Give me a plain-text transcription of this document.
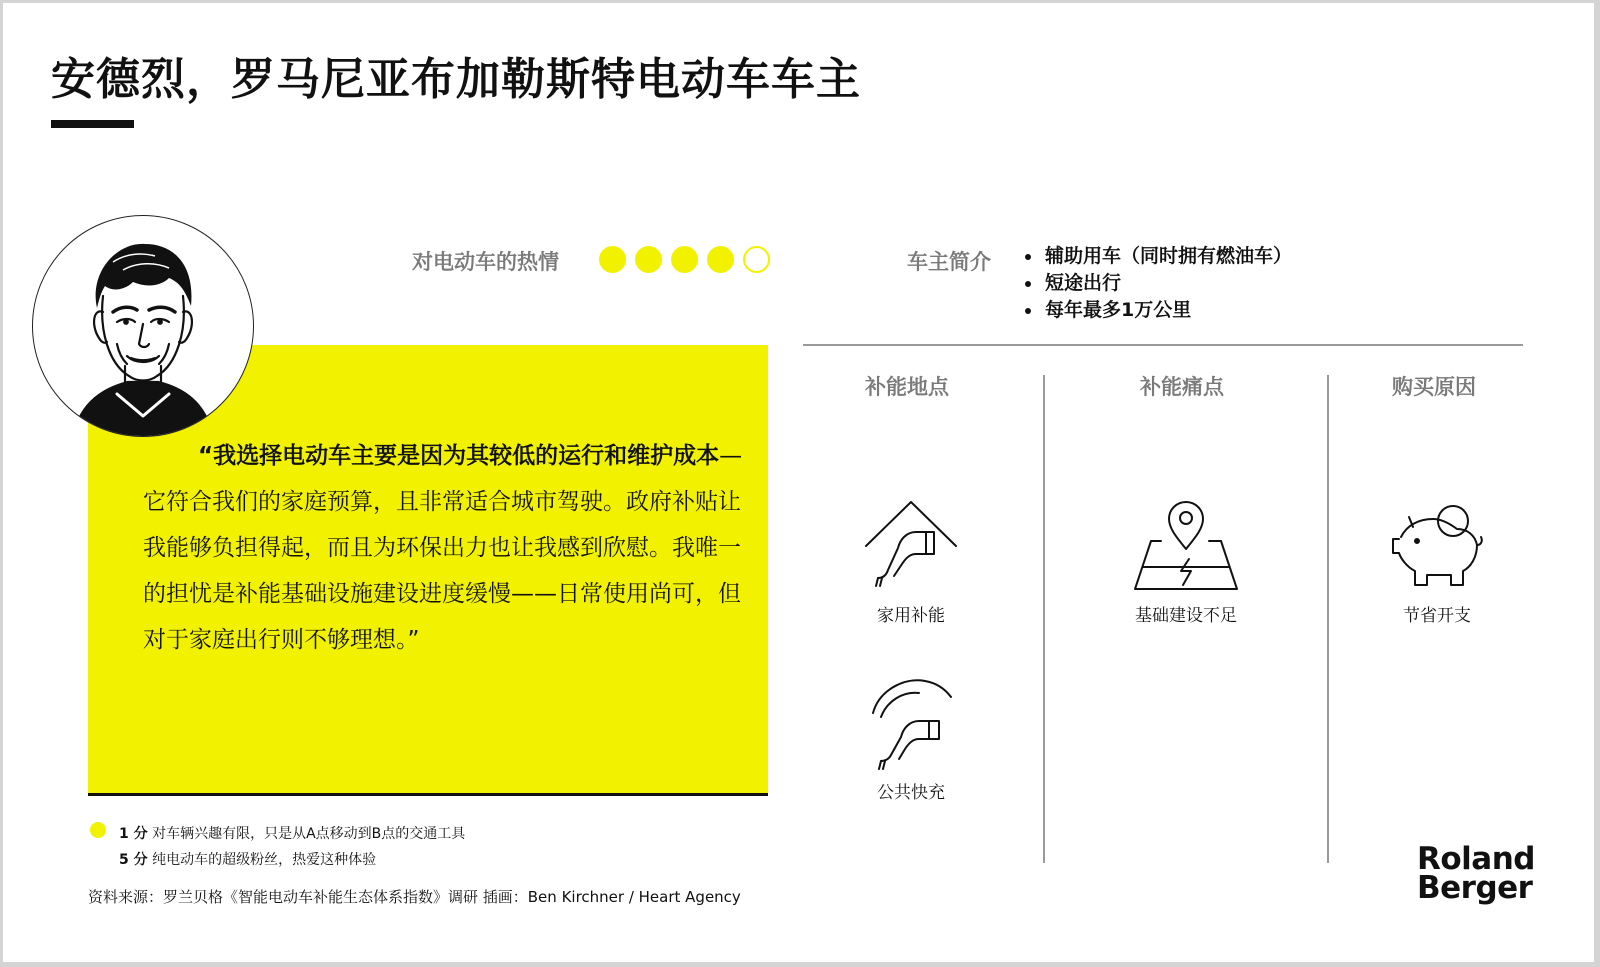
安德烈，罗马尼亚布加勒斯特电动车车主

“我选择电动车主要是因为其较低的运行和维护成本—它符合我们的家庭预算，且非常适合城市驾驶。政府补贴让我能够负担得起，而且为环保出力也让我感到欣慰。我唯一的担忧是补能基础设施建设进度缓慢——日常使用尚可，但对于家庭出行则不够理想。”

对电动车的热情	车主简介
•	辅助用车（同时拥有燃油车）
• 短途出行
• 每年最多1万公里
补能地点
家用补能
公共快充
补能痛点
基础建设不足
购买原因
节省开支
1 分 对车辆兴趣有限，只是从A点移动到B点的交通工具
5 分 纯电动车的超级粉丝，热爱这种体验
资料来源：罗兰贝格《智能电动车补能生态体系指数》调研 插画：Ben Kirchner / Heart Agency
Roland
Berger
